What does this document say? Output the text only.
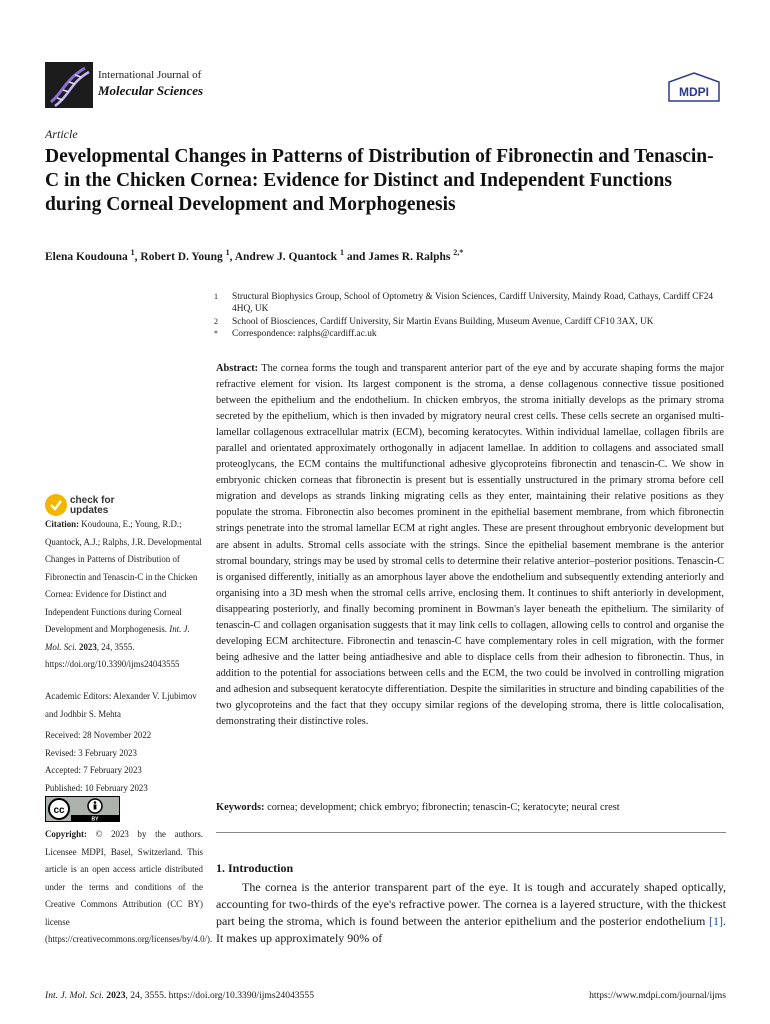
International Journal of
Molecular Sciences	MDPI
Article
Developmental Changes in Patterns of Distribution of Fibronectin and Tenascin-C in the Chicken Cornea: Evidence for Distinct and Independent Functions during Corneal Development and Morphogenesis
Elena Koudouna $^1$, Robert D. Young $^1$, Andrew J. Quantock $^1$ and James R. Ralphs $^{2,*}$
1	Structural Biophysics Group, School of Optometry & Vision Sciences, Cardiff University, Maindy Road, Cathays, Cardiff CF24 4HQ, UK
2	School of Biosciences, Cardiff University, Sir Martin Evans Building, Museum Avenue, Cardiff CF10 3AX, UK
*	Correspondence: ralphs@cardiff.ac.uk
Abstract: The cornea forms the tough and transparent anterior part of the eye and by accurate shaping forms the major refractive element for vision. Its largest component is the stroma, a dense collagenous connective tissue positioned between the epithelium and the endothelium. In chicken embryos, the stroma initially develops as the primary stroma secreted by the epithelium, which is then invaded by migratory neural crest cells. These cells secrete an organised multi-lamellar collagenous extracellular matrix (ECM), becoming keratocytes. Within individual lamellae, collagen fibrils are parallel and orientated approximately orthogonally in adjacent lamellae. In addition to collagens and associated small proteoglycans, the ECM contains the multifunctional adhesive glycoproteins fibronectin and tenascin-C. We show in embryonic chicken corneas that fibronectin is present but is essentially unstructured in the primary stroma before cell migration and develops as strands linking migrating cells as they enter, maintaining their relative positions as they populate the stroma. Fibronectin also becomes prominent in the epithelial basement membrane, from which fibronectin strings penetrate into the stromal lamellar ECM at right angles. These are present throughout embryonic development but are absent in adults. Stromal cells associate with the strings. Since the epithelial basement membrane is the anterior stromal boundary, strings may be used by stromal cells to determine their relative anterior–posterior positions. Tenascin-C is organised differently, initially as an amorphous layer above the endothelium and subsequently extending anteriorly and organising into a 3D mesh when the stromal cells arrive, enclosing them. It continues to shift anteriorly in development, disappearing posteriorly, and finally becoming prominent in Bowman's layer beneath the epithelium. The similarity of tenascin-C and collagen organisation suggests that it may link cells to collagen, allowing cells to control and organise the developing ECM architecture. Fibronectin and tenascin-C have complementary roles in cell migration, with the former being adhesive and the latter being antiadhesive and able to displace cells from their adhesion to fibronectin. Thus, in addition to the potential for associations between cells and the ECM, the two could be involved in controlling migration and adhesion and subsequent keratocyte differentiation. Despite the similarities in structure and binding capabilities of the two glycoproteins and the fact that they occupy similar regions of the developing stroma, there is little colocalisation, demonstrating their distinctive roles.
Keywords: cornea; development; chick embryo; fibronectin; tenascin-C; keratocyte; neural crest
1. Introduction
The cornea is the anterior transparent part of the eye. It is tough and accurately shaped optically, accounting for two-thirds of the eye's refractive power. The cornea is a layered structure, with the thickest part being the stroma, which is found between the anterior epithelium and the posterior endothelium [1]. It makes up approximately 90% of
check for
updates
Citation: Koudouna, E.; Young, R.D.; Quantock, A.J.; Ralphs, J.R. Developmental Changes in Patterns of Distribution of Fibronectin and Tenascin-C in the Chicken Cornea: Evidence for Distinct and Independent Functions during Corneal Development and Morphogenesis. Int. J. Mol. Sci. 2023, 24, 3555. https://doi.org/10.3390/ijms24043555
Academic Editors: Alexander V. Ljubimov and Jodhbir S. Mehta
Received: 28 November 2022
Revised: 3 February 2023
Accepted: 7 February 2023
Published: 10 February 2023
cc
BY
Copyright: © 2023 by the authors. Licensee MDPI, Basel, Switzerland. This article is an open access article distributed under the terms and conditions of the Creative Commons Attribution (CC BY) license (https://creativecommons.org/licenses/by/4.0/).
Int. J. Mol. Sci. 2023, 24, 3555. https://doi.org/10.3390/ijms24043555	https://www.mdpi.com/journal/ijms
